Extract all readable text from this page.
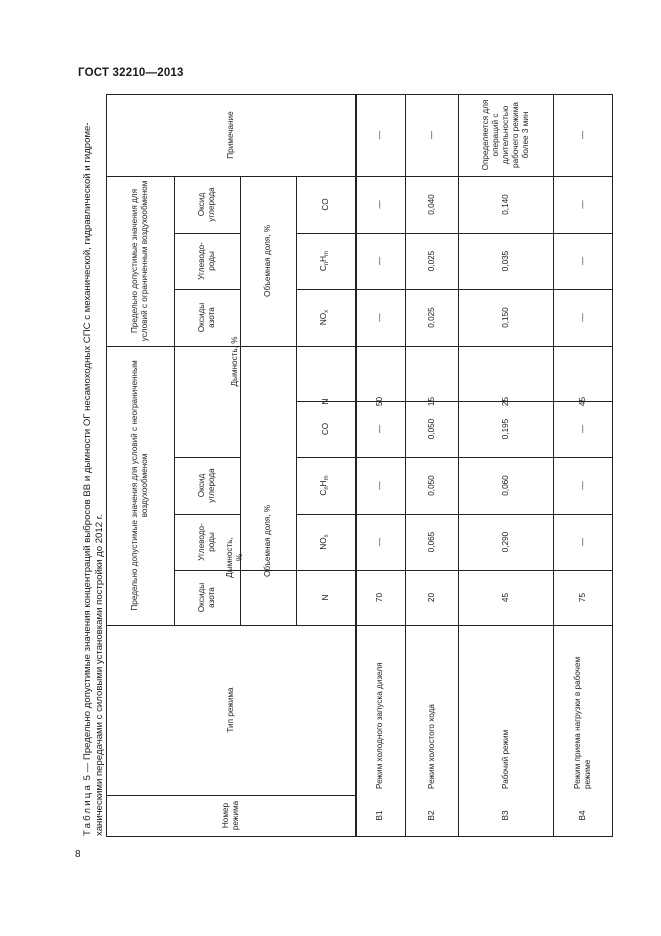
ГОСТ 32210—2013
8
Таблица 5 — Предельно допустимые значения концентраций выбросов ВВ и дымности ОГ несамоходных СПС с механической, гидравлической и гидроме-
ханическими передачами с силовыми установками постройки до 2012 г.
Примечание
Предельно допустимые значения для условий с ограниченным воздухообменом
Предельно допустимые значения для условий с неограниченным воздухообменом
Тип режима
Номер режима
Оксид углерода
Углеводо-роды
Оксиды азота
Дымность, %
Объемная доля, %
Оксид углерода
Углеводо-роды
Оксиды азота
Дымность, % Объемная доля, %
CO
$C_nH_m$
$NO_x$
CO
$C_nH_m$
$NO_x$
N
—
—
—
—
—
—
—
70
Режим холодного запуска дизеля
В1
—
0,040
0,025
0,025
0,050
0,050
0,065
20
Режим холостого хода
В2
Определяется для операций с длительностью рабочего режима более 3 мин
0,140
0,035
0,150
0,195
0,060
0,290
45
Рабочий режим
В3
—
—
—
—
—
—
—
75
Режим приема нагрузки в рабочем режиме
В4
